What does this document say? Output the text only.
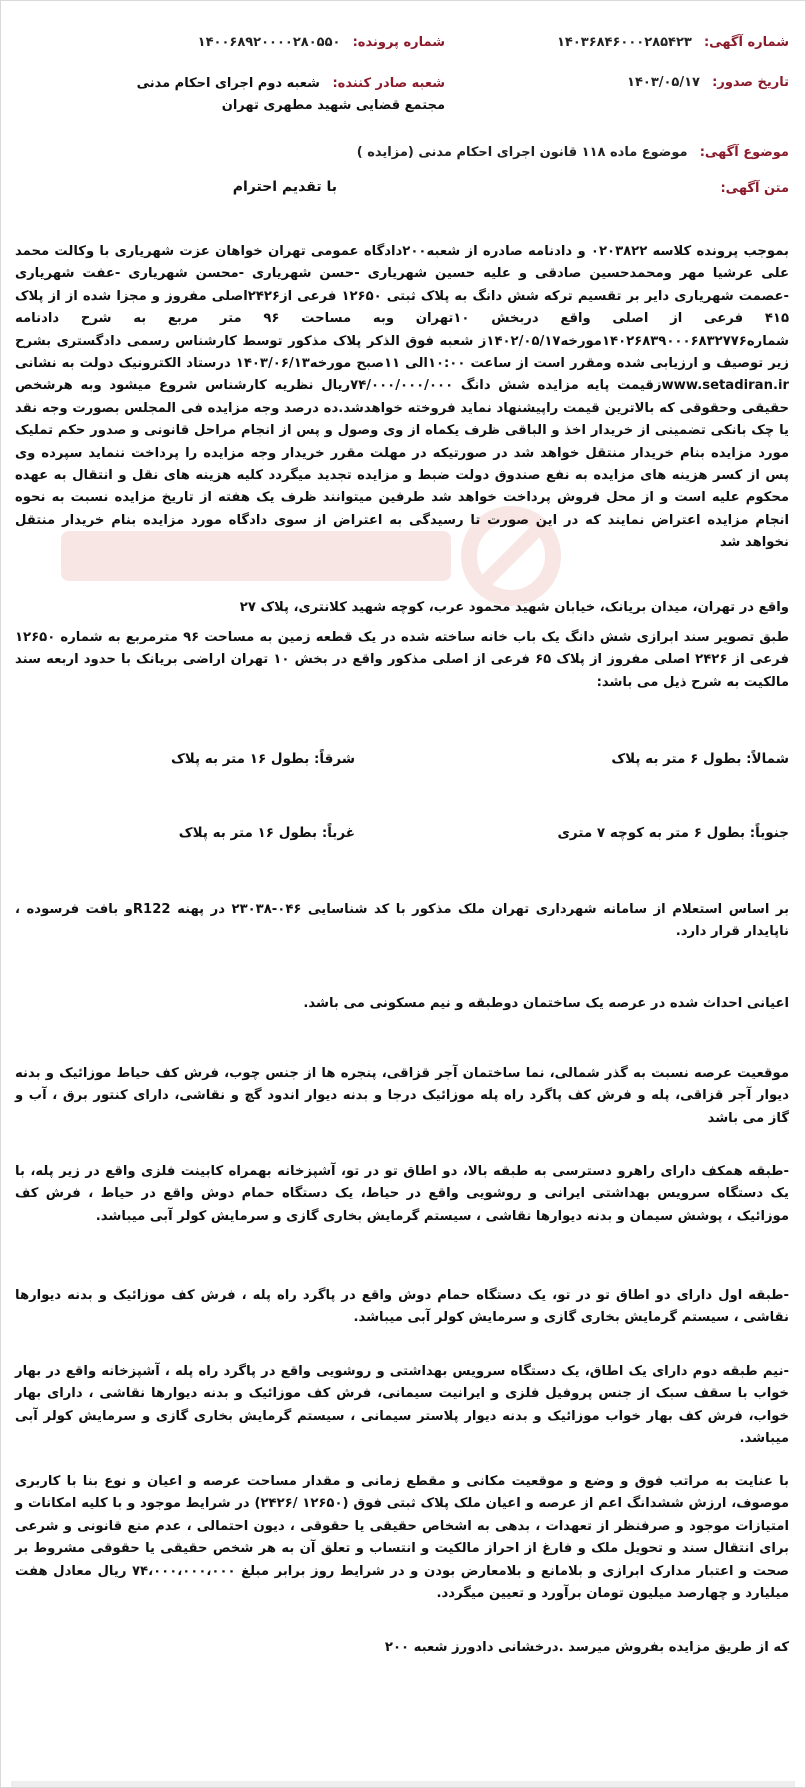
شماره آگهی: ۱۴۰۳۶۸۴۶۰۰۰۲۸۵۴۲۳
شماره پرونده: ۱۴۰۰۶۸۹۲۰۰۰۰۲۸۰۵۵۰
تاریخ صدور: ۱۴۰۳/۰۵/۱۷
شعبه صادر کننده: شعبه دوم اجرای احکام مدنی مجتمع قضایی شهید مطهری تهران
موضوع آگهی: موضوع ماده ۱۱۸ قانون اجرای احکام مدنی (مزایده )
متن آگهی:
با تقدیم احترام
بموجب پرونده کلاسه ۰۲۰۳۸۲۲ و دادنامه صادره از شعبه۲۰۰دادگاه عمومی تهران خواهان عزت شهریاری با وکالت محمد علی عرشیا مهر ومحمدحسین صادقی و علیه حسین شهریاری -حسن شهریاری -محسن شهریاری -عفت شهریاری -عصمت شهریاری دایر بر تقسیم ترکه شش دانگ به پلاک ثبتی ۱۲۶۵۰ فرعی از۲۴۲۶اصلی مفروز و مجزا شده از از پلاک ۴۱۵ فرعی از اصلی واقع دربخش ۱۰تهران وبه مساحت ۹۶ متر مربع به شرح دادنامه شماره۱۴۰۲۶۸۳۹۰۰۰۶۸۳۲۷۷۶مورخه۱۴۰۲/۰۵/۱۷ز شعبه فوق الذکر پلاک مذکور توسط کارشناس رسمی دادگستری بشرح زیر توصیف و ارزیابی شده ومقرر است از ساعت ۱۰:۰۰الی ۱۱صبح مورخه۱۴۰۳/۰۶/۱۳ درستاد الکترونیک دولت به نشانی www.setadiran.irزقیمت پایه مزایده شش دانگ ۷۴/۰۰۰/۰۰۰/۰۰۰ریال نظریه کارشناس شروع میشود وبه هرشخص حقیقی وحقوقی که بالاترین قیمت راپیشنهاد نماید فروخته خواهدشد.ده درصد وجه مزایده فی المجلس بصورت وجه نقد یا چک بانکی تضمینی از خریدار اخذ و الباقی ظرف یکماه از وی وصول و پس از انجام مراحل قانونی و صدور حکم تملیک مورد مزایده بنام خریدار منتقل خواهد شد در صورتیکه در مهلت مقرر خریدار وجه مزایده را پرداخت ننماید سپرده وی پس از کسر هزینه های مزایده به نفع صندوق دولت ضبط و مزایده تجدید میگردد کلیه هزینه های نقل و انتقال به عهده محکوم علیه است و از محل فروش پرداخت خواهد شد طرفین میتوانند ظرف یک هفته از تاریخ مزایده نسبت به نحوه انجام مزایده اعتراض نمایند که در این صورت تا رسیدگی به اعتراض از سوی دادگاه مورد مزایده بنام خریدار منتقل نخواهد شد
واقع در تهران، میدان بریانک، خیابان شهید محمود عرب، کوچه شهید کلانتری، پلاک ۲۷
طبق تصویر سند ابرازی شش دانگ یک باب خانه ساخته شده در یک قطعه زمین به مساحت ۹۶ مترمربع به شماره ۱۲۶۵۰ فرعی از ۲۴۲۶ اصلی مفروز از پلاک ۶۵ فرعی از اصلی مذکور واقع در بخش ۱۰ تهران اراضی بریانک با حدود اربعه سند مالکیت به شرح ذیل می باشد:
شمالاً: بطول ۶ متر به پلاک
شرقاً: بطول ۱۶ متر به پلاک
جنوباً: بطول ۶ متر به کوچه ۷ متری
غرباً: بطول ۱۶ متر به پلاک
بر اساس استعلام از سامانه شهرداری تهران ملک مذکور با کد شناسایی ۰۴۶-۲۳۰۳۸ در پهنه R122و بافت فرسوده ، ناپایدار قرار دارد.
اعیانی احداث شده در عرصه یک ساختمان دوطبقه و نیم مسکونی می باشد.
موقعیت عرصه نسبت به گذر شمالی، نما ساختمان آجر قزاقی، پنجره ها از جنس چوب، فرش کف حیاط موزائیک و بدنه دیوار آجر قزاقی، پله و فرش کف پاگرد راه پله موزائیک درجا و بدنه دیوار اندود گچ و نقاشی، دارای کنتور برق ، آب و گاز می باشد
-طبقه همکف دارای راهرو دسترسی به طبقه بالا، دو اطاق تو در تو، آشپزخانه بهمراه کابینت فلزی واقع در زیر پله، با یک دستگاه سرویس بهداشتی ایرانی و روشویی واقع در حیاط، یک دستگاه حمام دوش واقع در حیاط ، فرش کف موزائیک ، پوشش سیمان و بدنه دیوارها نقاشی ، سیستم گرمایش بخاری گازی و سرمایش کولر آبی میباشد.
-طبقه اول دارای دو اطاق تو در تو، یک دستگاه حمام دوش واقع در پاگرد راه پله ، فرش کف موزائیک و بدنه دیوارها نقاشی ، سیستم گرمایش بخاری گازی و سرمایش کولر آبی میباشد.
-نیم طبقه دوم دارای یک اطاق، یک دستگاه سرویس بهداشتی و روشویی واقع در پاگرد راه پله ، آشپزخانه واقع در بهار خواب با سقف سبک از جنس پروفیل فلزی و ایرانیت سیمانی، فرش کف موزائیک و بدنه دیوارها نقاشی ، دارای بهار خواب، فرش کف بهار خواب موزائیک و بدنه دیوار پلاستر سیمانی ، سیستم گرمایش بخاری گازی و سرمایش کولر آبی میباشد.
با عنایت به مراتب فوق و وضع و موقعیت مکانی و مقطع زمانی و مقدار مساحت عرصه و اعیان و نوع بنا با کاربری موصوف، ارزش ششدانگ اعم از عرصه و اعیان ملک پلاک ثبتی فوق (۱۲۶۵۰ /۲۴۲۶) در شرایط موجود و با کلیه امکانات و امتیازات موجود و صرفنظر از تعهدات ، بدهی به اشخاص حقیقی یا حقوقی ، دیون احتمالی ، عدم منع قانونی و شرعی برای انتقال سند و تحویل ملک و فارغ از احراز مالکیت و انتساب و تعلق آن به هر شخص حقیقی یا حقوقی مشروط بر صحت و اعتبار مدارک ابرازی و بلامانع و بلامعارض بودن و در شرایط روز برابر مبلغ ۷۴،۰۰۰،۰۰۰،۰۰۰ ریال معادل هفت میلیارد و چهارصد میلیون تومان برآورد و تعیین میگردد.
که از طریق مزایده بفروش میرسد .درخشانی دادورز شعبه ۲۰۰
